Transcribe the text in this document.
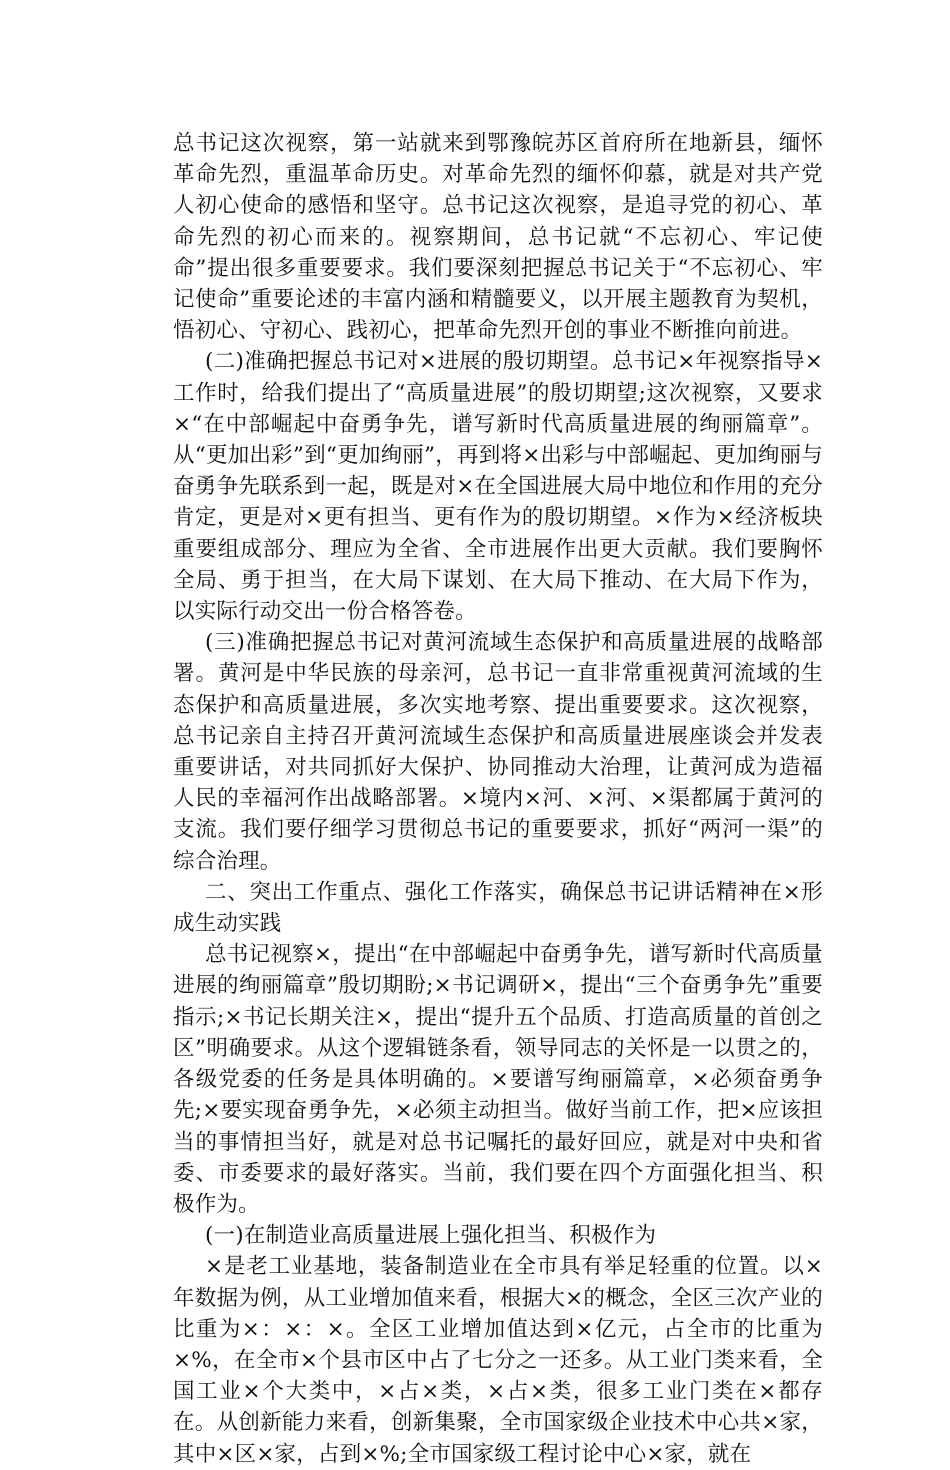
总书记这次视察，第一站就来到鄂豫皖苏区首府所在地新县，缅怀革命先烈，重温革命历史。对革命先烈的缅怀仰慕，就是对共产党人初心使命的感悟和坚守。总书记这次视察，是追寻党的初心、革命先烈的初心而来的。视察期间，总书记就“不忘初心、牢记使命”提出很多重要要求。我们要深刻把握总书记关于“不忘初心、牢记使命”重要论述的丰富内涵和精髓要义，以开展主题教育为契机，悟初心、守初心、践初心，把革命先烈开创的事业不断推向前进。

(二)准确把握总书记对×进展的殷切期望。总书记×年视察指导×工作时，给我们提出了“高质量进展”的殷切期望;这次视察，又要求×“在中部崛起中奋勇争先，谱写新时代高质量进展的绚丽篇章”。从“更加出彩”到“更加绚丽”，再到将×出彩与中部崛起、更加绚丽与奋勇争先联系到一起，既是对×在全国进展大局中地位和作用的充分肯定，更是对×更有担当、更有作为的殷切期望。×作为×经济板块重要组成部分、理应为全省、全市进展作出更大贡献。我们要胸怀全局、勇于担当，在大局下谋划、在大局下推动、在大局下作为，以实际行动交出一份合格答卷。

(三)准确把握总书记对黄河流域生态保护和高质量进展的战略部署。黄河是中华民族的母亲河，总书记一直非常重视黄河流域的生态保护和高质量进展，多次实地考察、提出重要要求。这次视察，总书记亲自主持召开黄河流域生态保护和高质量进展座谈会并发表重要讲话，对共同抓好大保护、协同推动大治理，让黄河成为造福人民的幸福河作出战略部署。×境内×河、×河、×渠都属于黄河的支流。我们要仔细学习贯彻总书记的重要要求，抓好“两河一渠”的综合治理。

二、突出工作重点、强化工作落实，确保总书记讲话精神在×形成生动实践

总书记视察×，提出“在中部崛起中奋勇争先，谱写新时代高质量进展的绚丽篇章”殷切期盼;×书记调研×，提出“三个奋勇争先”重要指示;×书记长期关注×，提出“提升五个品质、打造高质量的首创之区”明确要求。从这个逻辑链条看，领导同志的关怀是一以贯之的，各级党委的任务是具体明确的。×要谱写绚丽篇章，×必须奋勇争先;×要实现奋勇争先，×必须主动担当。做好当前工作，把×应该担当的事情担当好，就是对总书记嘱托的最好回应，就是对中央和省委、市委要求的最好落实。当前，我们要在四个方面强化担当、积极作为。

(一)在制造业高质量进展上强化担当、积极作为

×是老工业基地，装备制造业在全市具有举足轻重的位置。以×年数据为例，从工业增加值来看，根据大×的概念，全区三次产业的比重为×：×：×。全区工业增加值达到×亿元，占全市的比重为×%，在全市×个县市区中占了七分之一还多。从工业门类来看，全国工业×个大类中，×占×类，×占×类，很多工业门类在×都存在。从创新能力来看，创新集聚，全市国家级企业技术中心共×家，其中×区×家，占到×%;全市国家级工程讨论中心×家，就在
